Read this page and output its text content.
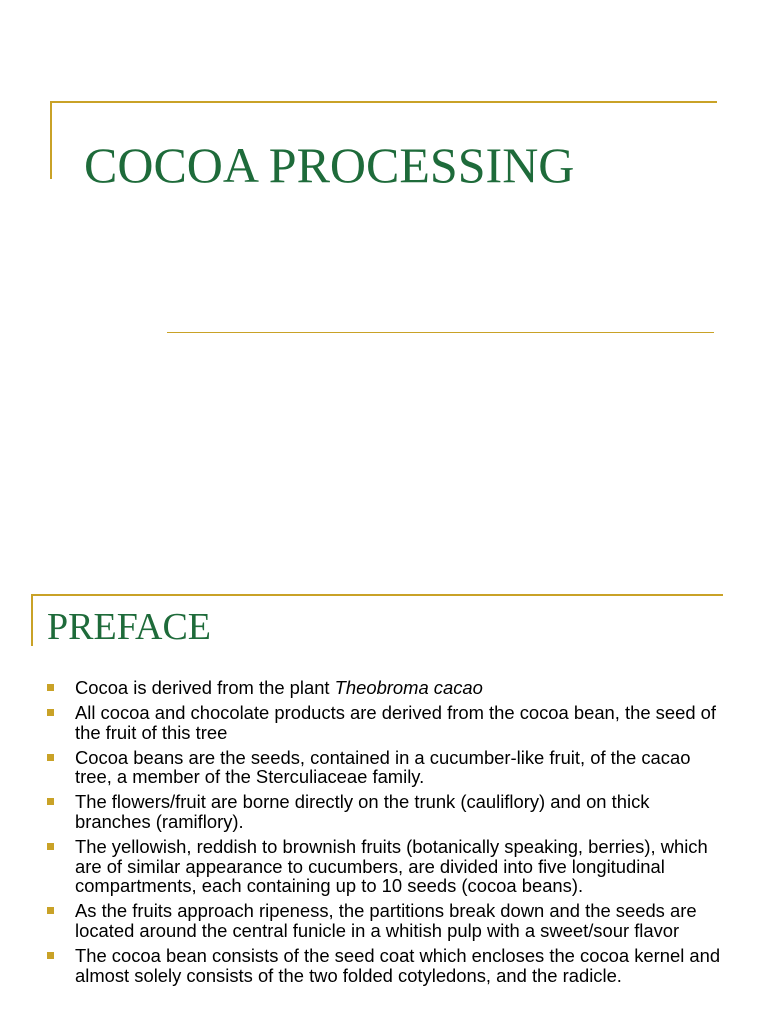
COCOA PROCESSING
PREFACE
Cocoa is derived from the plant Theobroma cacao
All cocoa and chocolate products are derived from the cocoa bean, the seed of the fruit of this tree
Cocoa beans are the seeds, contained in a cucumber-like fruit, of the cacao tree, a member of the Sterculiaceae family.
The flowers/fruit are borne directly on the trunk (cauliflory) and on thick branches (ramiflory).
The yellowish, reddish to brownish fruits (botanically speaking, berries), which are of similar appearance to cucumbers, are divided into five longitudinal compartments, each containing up to 10 seeds (cocoa beans).
As the fruits approach ripeness, the partitions break down and the seeds are located around the central funicle in a whitish pulp with a sweet/sour flavor
The cocoa bean consists of the seed coat which encloses the cocoa kernel and almost solely consists of the two folded cotyledons, and the radicle.
